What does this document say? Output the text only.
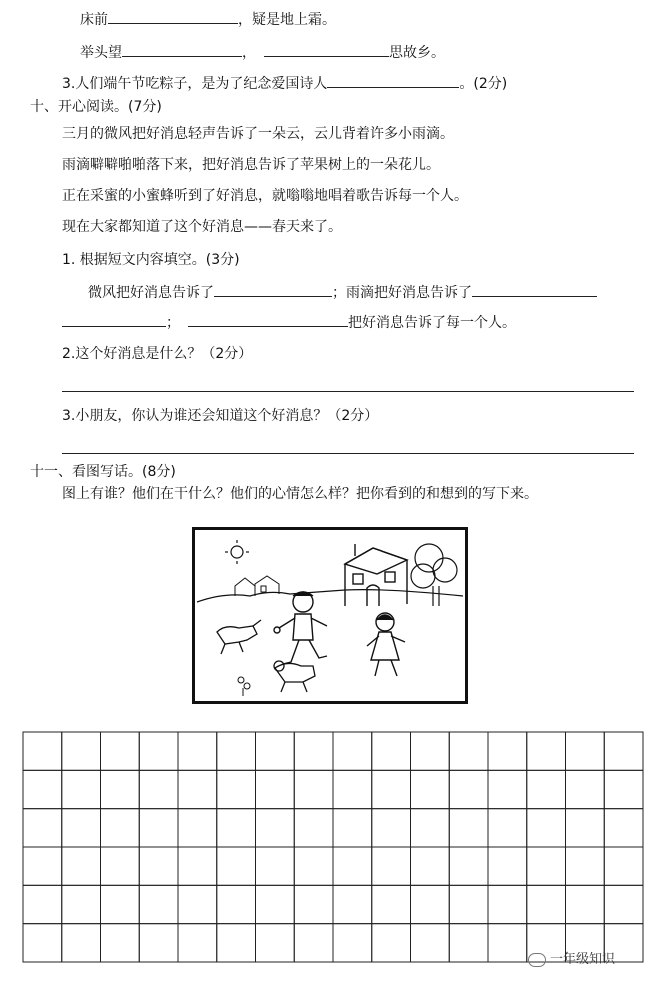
床前	，疑是地上霜。
举头望	，	思故乡。
3.人们端午节吃粽子，是为了纪念爱国诗人	。(2分)
十、开心阅读。(7分)
三月的微风把好消息轻声告诉了一朵云，云儿背着许多小雨滴。
雨滴噼噼啪啪落下来，把好消息告诉了苹果树上的一朵花儿。
正在采蜜的小蜜蜂听到了好消息，就嗡嗡地唱着歌告诉每一个人。
现在大家都知道了这个好消息——春天来了。
1. 根据短文内容填空。(3分)
微风把好消息告诉了	；雨滴把好消息告诉了
；	把好消息告诉了每一个人。
2.这个好消息是什么？（2分）
3.小朋友，你认为谁还会知道这个好消息？（2分）
十一、看图写话。(8分)
图上有谁？他们在干什么？他们的心情怎么样？把你看到的和想到的写下来。
一年级知识
